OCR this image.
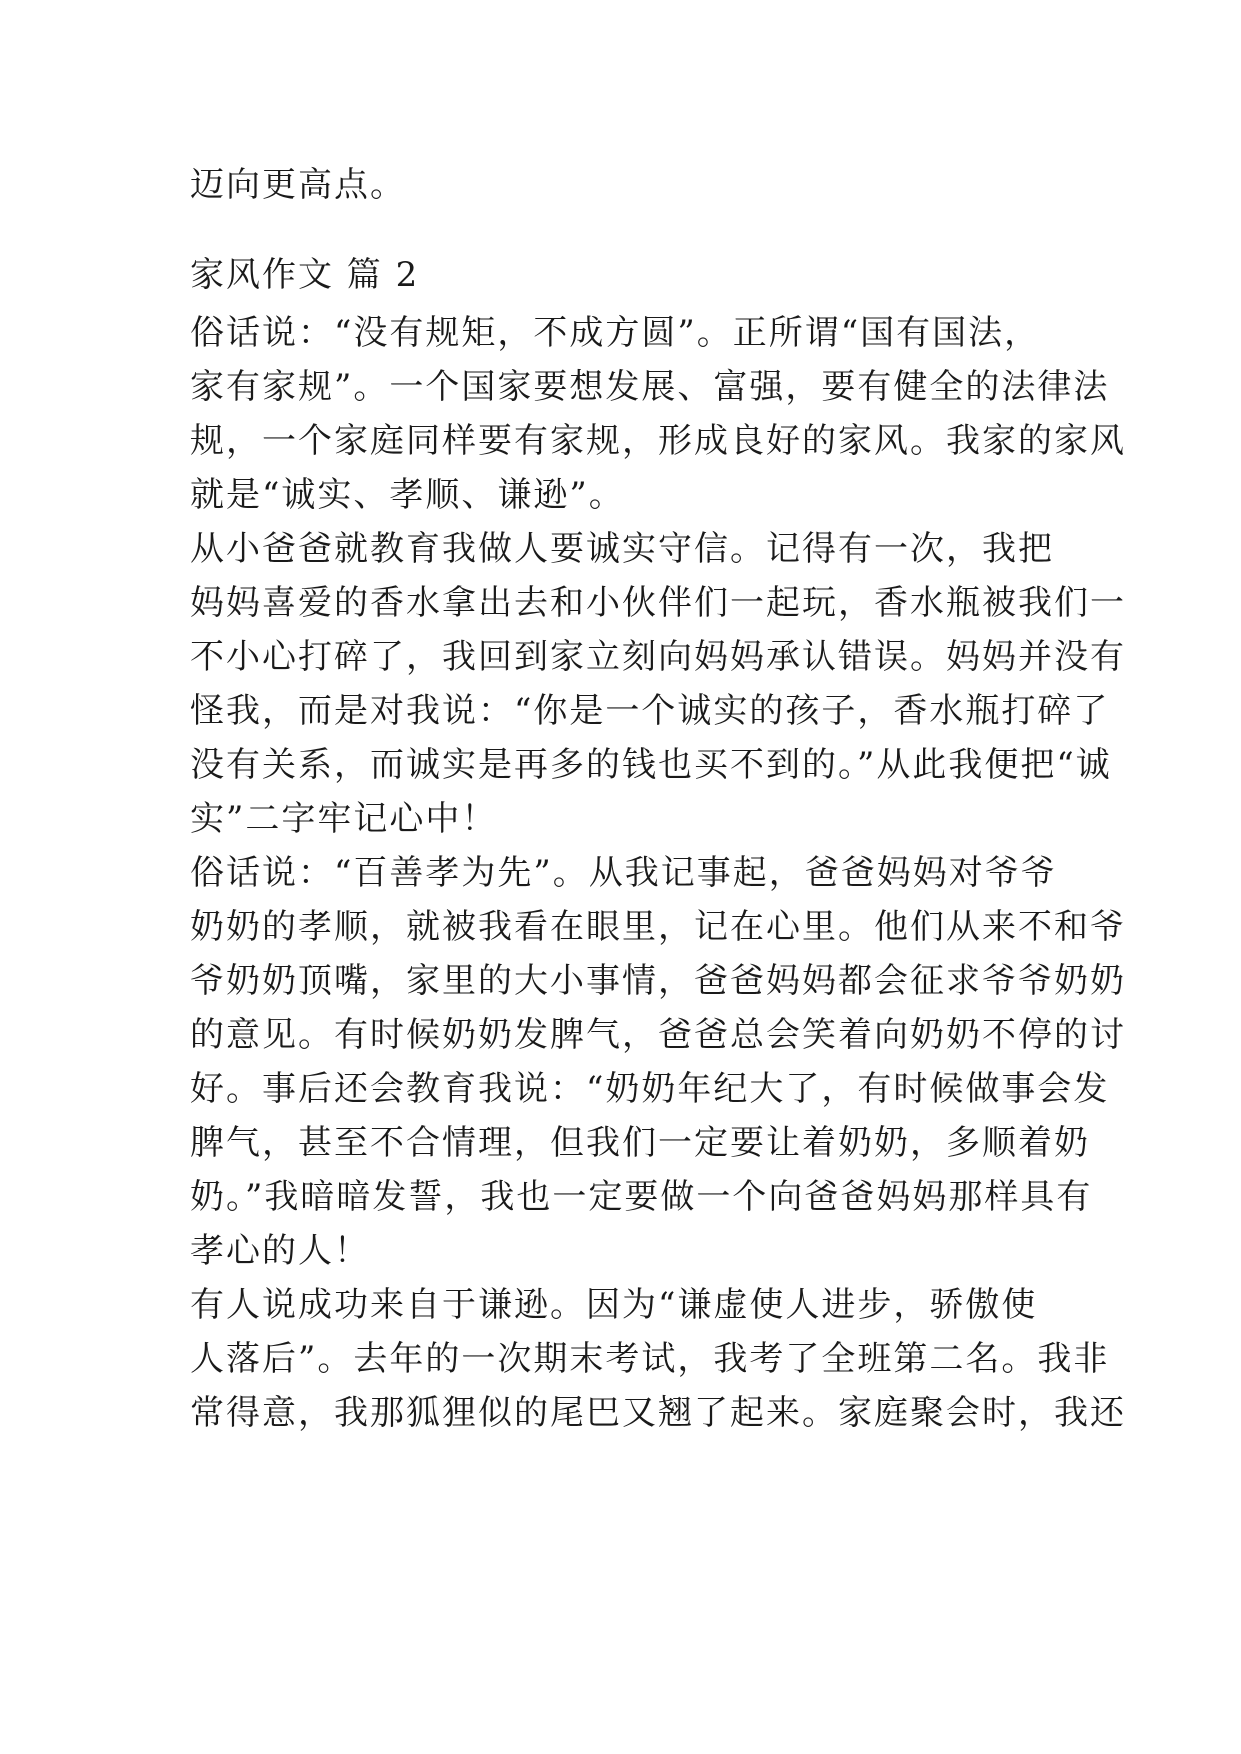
迈向更高点。
家风作文 篇 2
俗话说：“没有规矩，不成方圆”。正所谓“国有国法，
家有家规”。一个国家要想发展、富强，要有健全的法律法
规，一个家庭同样要有家规，形成良好的家风。我家的家风
就是“诚实、孝顺、谦逊”。
从小爸爸就教育我做人要诚实守信。记得有一次，我把
妈妈喜爱的香水拿出去和小伙伴们一起玩，香水瓶被我们一
不小心打碎了，我回到家立刻向妈妈承认错误。妈妈并没有
怪我，而是对我说：“你是一个诚实的孩子，香水瓶打碎了
没有关系，而诚实是再多的钱也买不到的。”从此我便把“诚
实”二字牢记心中！
俗话说：“百善孝为先”。从我记事起，爸爸妈妈对爷爷
奶奶的孝顺，就被我看在眼里，记在心里。他们从来不和爷
爷奶奶顶嘴，家里的大小事情，爸爸妈妈都会征求爷爷奶奶
的意见。有时候奶奶发脾气，爸爸总会笑着向奶奶不停的讨
好。事后还会教育我说：“奶奶年纪大了，有时候做事会发
脾气，甚至不合情理，但我们一定要让着奶奶，多顺着奶
奶。”我暗暗发誓，我也一定要做一个向爸爸妈妈那样具有
孝心的人！
有人说成功来自于谦逊。因为“谦虚使人进步，骄傲使
人落后”。去年的一次期末考试，我考了全班第二名。我非
常得意，我那狐狸似的尾巴又翘了起来。家庭聚会时，我还
